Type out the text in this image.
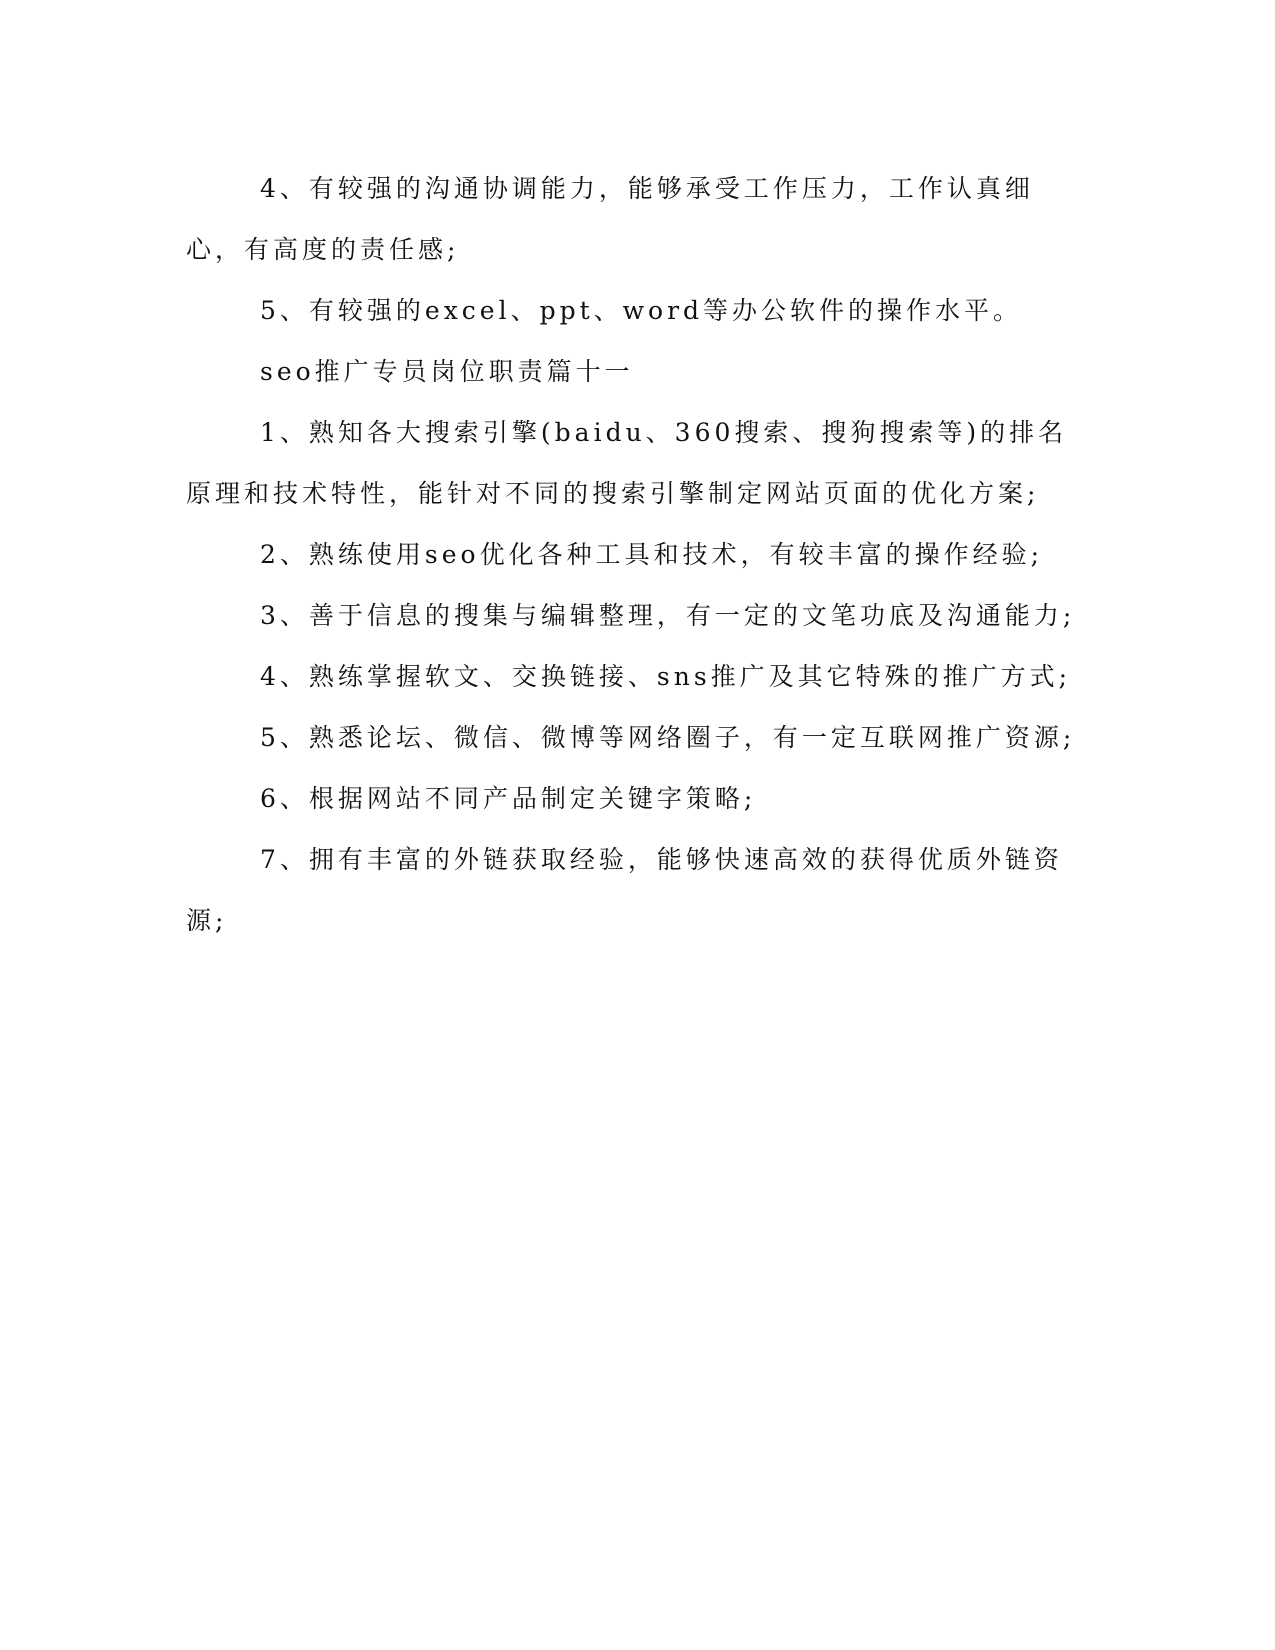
4、有较强的沟通协调能力，能够承受工作压力，工作认真细心，有高度的责任感;

5、有较强的excel、ppt、word等办公软件的操作水平。

seo推广专员岗位职责篇十一

1、熟知各大搜索引擎(baidu、360搜索、搜狗搜索等)的排名原理和技术特性，能针对不同的搜索引擎制定网站页面的优化方案;

2、熟练使用seo优化各种工具和技术，有较丰富的操作经验;

3、善于信息的搜集与编辑整理，有一定的文笔功底及沟通能力;

4、熟练掌握软文、交换链接、sns推广及其它特殊的推广方式;

5、熟悉论坛、微信、微博等网络圈子，有一定互联网推广资源;

6、根据网站不同产品制定关键字策略;

7、拥有丰富的外链获取经验，能够快速高效的获得优质外链资源;
